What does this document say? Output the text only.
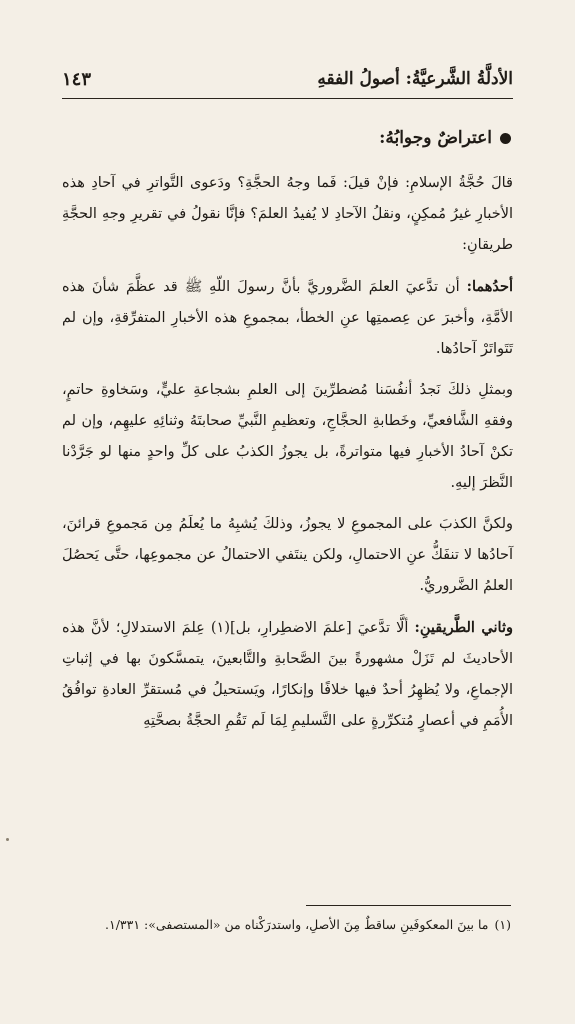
الأدلَّةُ الشَّرعيَّةُ: أصولُ الفقهِ
١٤٣
اعتراضٌ وجوابُهُ:

قالَ حُجَّةُ الإسلامِ: فإنْ قيلَ: فَما وجهُ الحجَّةِ؟ ودَعوى التَّواترِ في آحادِ هذه الأخبارِ غيرُ مُمكِنٍ، ونقلُ الآحادِ لا يُفيدُ العلمَ؟ فإنَّا نقولُ في تقريرِ وجهِ الحجَّةِ طريقانِ:

أحدُهما: أن تدَّعيَ العلمَ الضَّروريَّ بأنَّ رسولَ اللّهِ ﷺ قد عظَّمَ شأنَ هذه الأمَّةِ، وأخبرَ عن عِصمتِها عنِ الخطأ، بمجموعِ هذه الأخبارِ المتفرِّقةِ، وإن لم تَتَواتَرْ آحادُها.

وبمثلِ ذلكَ نَجدُ أنفُسَنا مُضطرِّينَ إلى العلمِ بشجاعةِ عليٍّ، وسَخاوةِ حاتمٍ، وفقهِ الشَّافعيِّ، وخَطابةِ الحجَّاجِ، وتعظيمِ النَّبيِّ صحابتَهُ وثنائِهِ عليهِم، وإن لم تكنْ آحادُ الأخبارِ فيها متواترةً، بل يجوزُ الكذبُ على كلِّ واحدٍ منها لو جَرَّدْنا النَّظرَ إليهِ.

ولكنَّ الكذبَ على المجموعِ لا يجوزُ، وذلكَ يُشبِهُ ما يُعلَمُ مِن مَجموعِ قرائنَ، آحادُها لا تنفَكُّ عنِ الاحتمالِ، ولكن ينتَفي الاحتمالُ عن مجموعِها، حتَّى يَحصُلَ العلمُ الضَّروريُّ.

وثاني الطَّريقينِ: ألَّا تدَّعيَ [علمَ الاضطِرارِ، بل](١) عِلمَ الاستدلالِ؛ لأنَّ هذه الأحاديثَ لم تَزَلْ مشهورةً بينَ الصَّحابةِ والتَّابعينَ، يتمسَّكونَ بها في إثباتِ الإجماعِ، ولا يُظهِرُ أحدٌ فيها خلافًا وإنكارًا، ويَستحيلُ في مُستقرِّ العادةِ توافُقُ الأُمَمِ في أعصارٍ مُتكرِّرةٍ على التَّسليمِ لِمَا لَم تَقُمِ الحجَّةُ بصحَّتِهِ

(١)ما بينَ المعكوفَينِ ساقطٌ مِنَ الأصلِ، واستدرَكْناه من «المستصفى»: ١/٣٣١.
